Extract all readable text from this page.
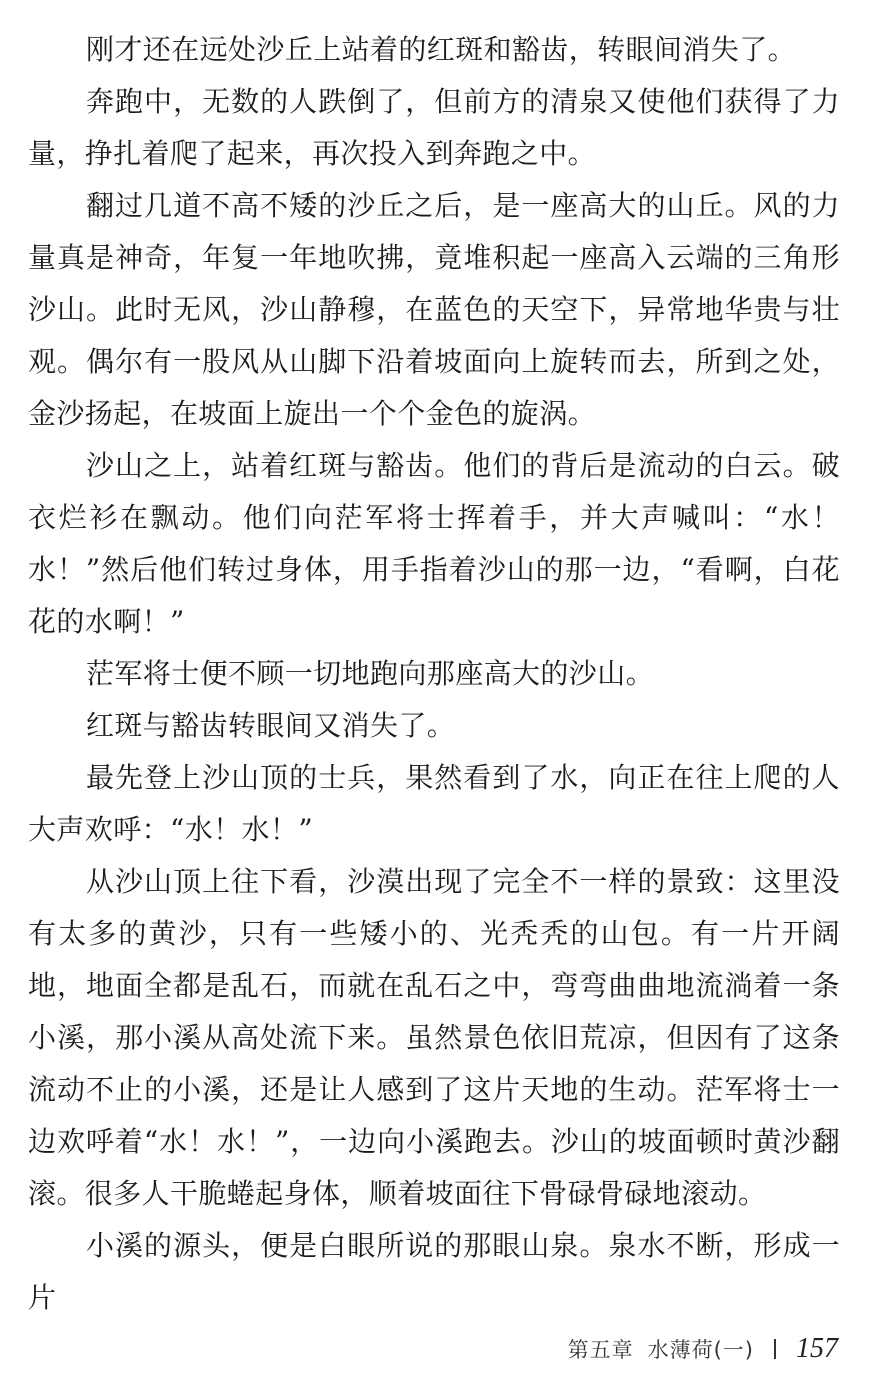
刚才还在远处沙丘上站着的红斑和豁齿，转眼间消失了。

奔跑中，无数的人跌倒了，但前方的清泉又使他们获得了力量，挣扎着爬了起来，再次投入到奔跑之中。

翻过几道不高不矮的沙丘之后，是一座高大的山丘。风的力量真是神奇，年复一年地吹拂，竟堆积起一座高入云端的三角形沙山。此时无风，沙山静穆，在蓝色的天空下，异常地华贵与壮观。偶尔有一股风从山脚下沿着坡面向上旋转而去，所到之处，金沙扬起，在坡面上旋出一个个金色的旋涡。

沙山之上，站着红斑与豁齿。他们的背后是流动的白云。破衣烂衫在飘动。他们向茫军将士挥着手，并大声喊叫：“水！水！”然后他们转过身体，用手指着沙山的那一边，“看啊，白花花的水啊！”

茫军将士便不顾一切地跑向那座高大的沙山。

红斑与豁齿转眼间又消失了。

最先登上沙山顶的士兵，果然看到了水，向正在往上爬的人大声欢呼：“水！水！”

从沙山顶上往下看，沙漠出现了完全不一样的景致：这里没有太多的黄沙，只有一些矮小的、光秃秃的山包。有一片开阔地，地面全都是乱石，而就在乱石之中，弯弯曲曲地流淌着一条小溪，那小溪从高处流下来。虽然景色依旧荒凉，但因有了这条流动不止的小溪，还是让人感到了这片天地的生动。茫军将士一边欢呼着“水！水！”，一边向小溪跑去。沙山的坡面顿时黄沙翻滚。很多人干脆蜷起身体，顺着坡面往下骨碌骨碌地滚动。

小溪的源头，便是白眼所说的那眼山泉。泉水不断，形成一片

第五章 水薄荷(一) 157
